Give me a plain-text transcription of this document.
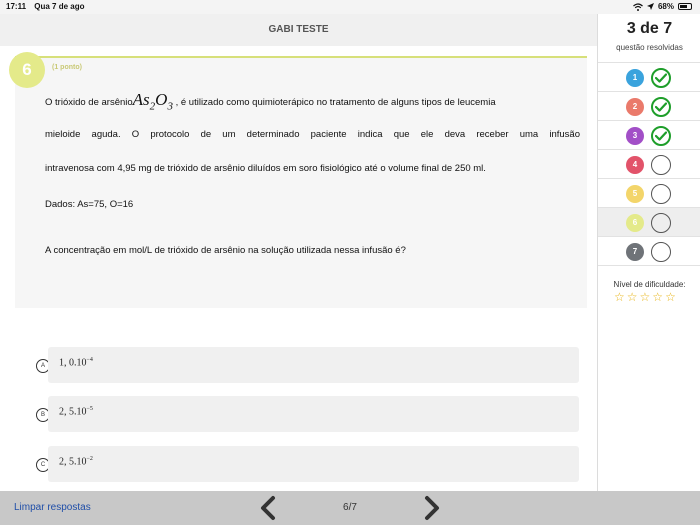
17:11 Qua 7 de ago	68%
GABI TESTE
6	(1 ponto)
O trióxido de $arsênioAs_2O_3$ , é utilizado como quimioterápico no tratamento de alguns tipos de leucemia
mieloide aguda. O protocolo de um determinado paciente indica que ele deva receber uma infusão
intravenosa com 4,95 mg de trióxido de arsênio diluídos em soro fisiológico até o volume final de 250 ml.
Dados: As=75, O=16
A concentração em mol/L de trióxido de arsênio na solução utilizada nessa infusão é?
A	1, $0.10^{-4}$
B	2, $5.10^{-5}$
C	2, $5.10^{-2}$
3 de 7
questão resolvidas
1
2
3
4
5
6
7
Nível de dificuldade:
☆ ☆ ☆ ☆ ☆
Limpar respostas	6/7
